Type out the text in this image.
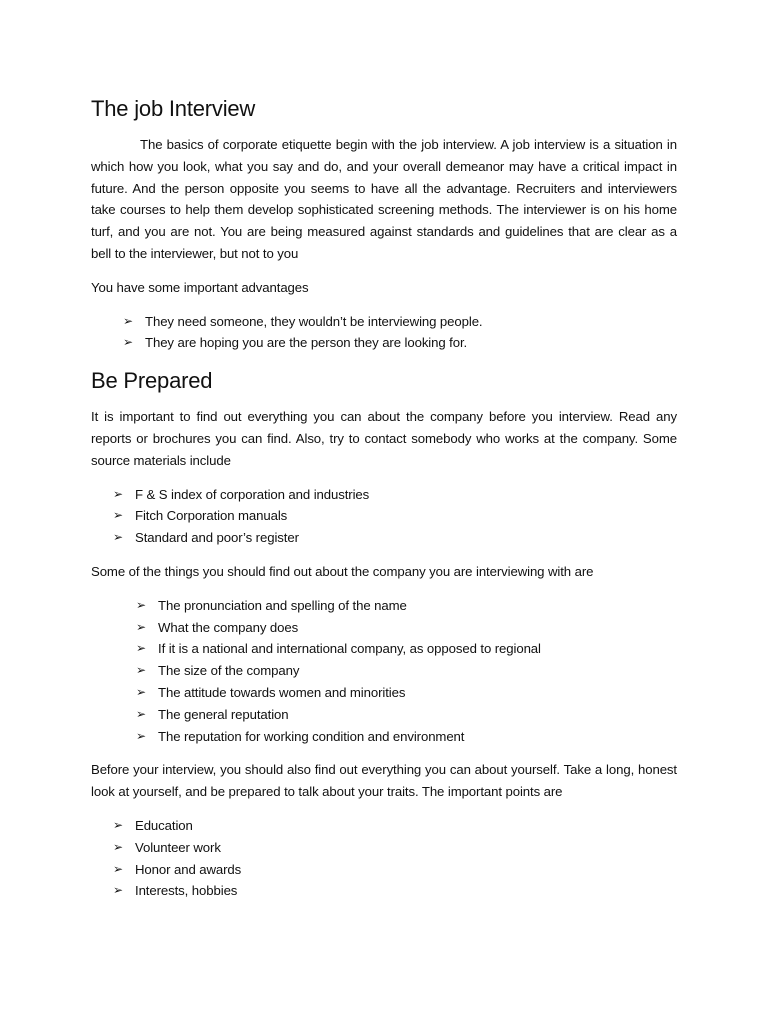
The job Interview

The basics of corporate etiquette begin with the job interview. A job interview is a situation in which how you look, what you say and do, and your overall demeanor may have a critical impact in future. And the person opposite you seems to have all the advantage. Recruiters and interviewers take courses to help them develop sophisticated screening methods. The interviewer is on his home turf, and you are not. You are being measured against standards and guidelines that are clear as a bell to the interviewer, but not to you

You have some important advantages

➢ They need someone, they wouldn’t be interviewing people.
➢ They are hoping you are the person they are looking for.
Be Prepared

It is important to find out everything you can about the company before you interview. Read any reports or brochures you can find. Also, try to contact somebody who works at the company. Some source materials include

➢ F & S index of corporation and industries
➢ Fitch Corporation manuals
➢ Standard and poor’s register

Some of the things you should find out about the company you are interviewing with are

➢ The pronunciation and spelling of the name
➢ What the company does
➢ If it is a national and international company, as opposed to regional
➢ The size of the company
➢ The attitude towards women and minorities
➢ The general reputation
➢ The reputation for working condition and environment

Before your interview, you should also find out everything you can about yourself. Take a long, honest look at yourself, and be prepared to talk about your traits. The important points are

➢ Education
➢ Volunteer work
➢ Honor and awards
➢ Interests, hobbies
